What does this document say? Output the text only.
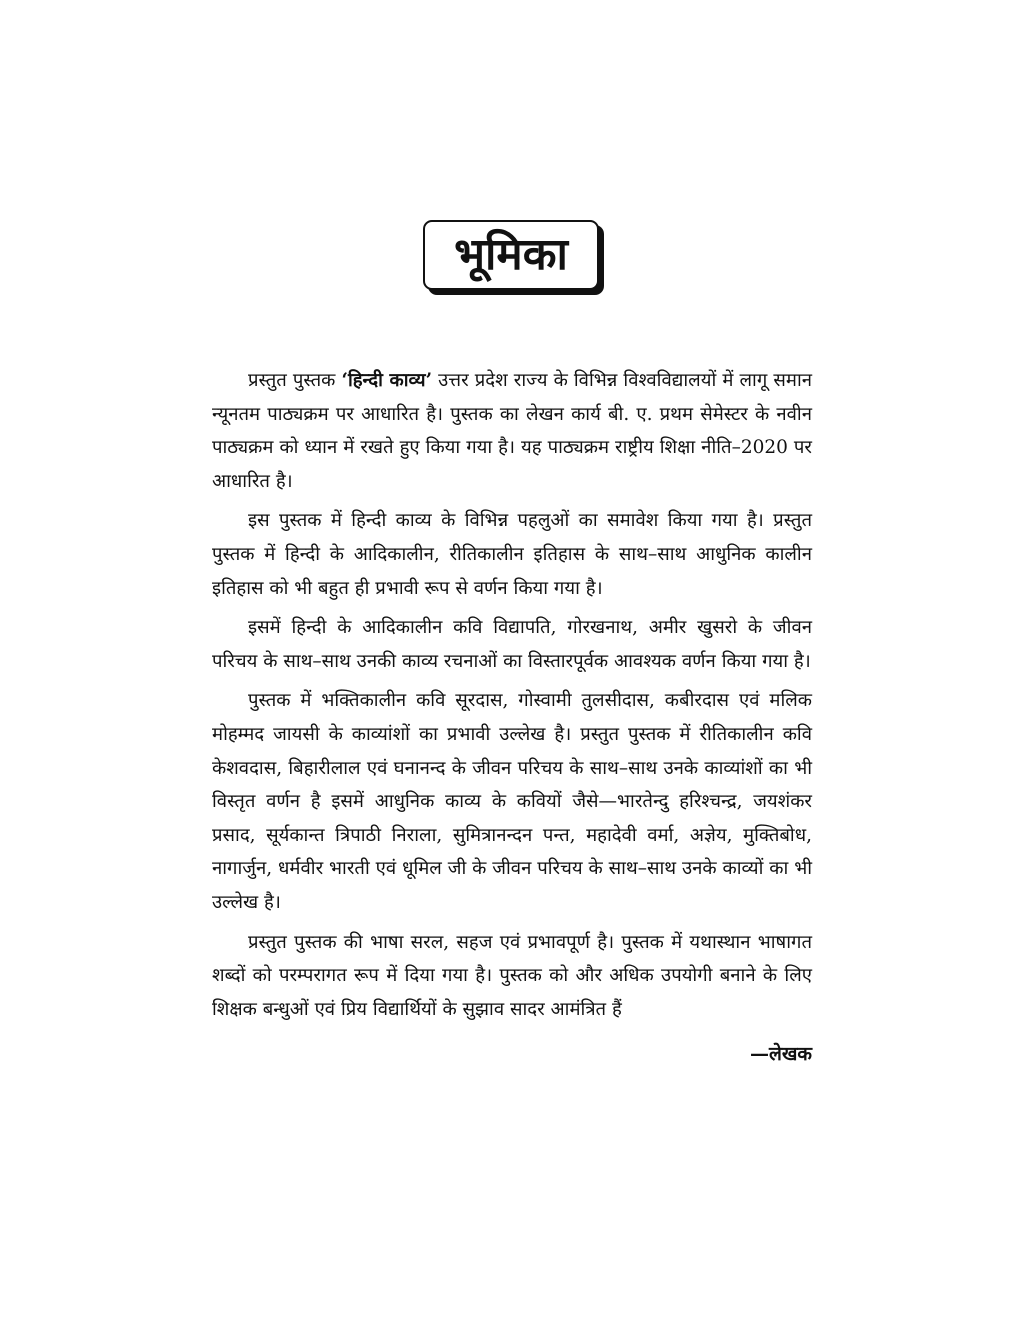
भूमिका

प्रस्तुत पुस्तक ‘हिन्दी काव्य’ उत्तर प्रदेश राज्य के विभिन्न विश्वविद्यालयों में लागू समान न्यूनतम पाठ्यक्रम पर आधारित है। पुस्तक का लेखन कार्य बी. ए. प्रथम सेमेस्टर के नवीन पाठ्यक्रम को ध्यान में रखते हुए किया गया है। यह पाठ्यक्रम राष्ट्रीय शिक्षा नीति–2020 पर आधारित है।

इस पुस्तक में हिन्दी काव्य के विभिन्न पहलुओं का समावेश किया गया है। प्रस्तुत पुस्तक में हिन्दी के आदिकालीन, रीतिकालीन इतिहास के साथ–साथ आधुनिक कालीन इतिहास को भी बहुत ही प्रभावी रूप से वर्णन किया गया है।

इसमें हिन्दी के आदिकालीन कवि विद्यापति, गोरखनाथ, अमीर खुसरो के जीवन परिचय के साथ–साथ उनकी काव्य रचनाओं का विस्तारपूर्वक आवश्यक वर्णन किया गया है।

पुस्तक में भक्तिकालीन कवि सूरदास, गोस्वामी तुलसीदास, कबीरदास एवं मलिक मोहम्मद जायसी के काव्यांशों का प्रभावी उल्लेख है। प्रस्तुत पुस्तक में रीतिकालीन कवि केशवदास, बिहारीलाल एवं घनानन्द के जीवन परिचय के साथ–साथ उनके काव्यांशों का भी विस्तृत वर्णन है इसमें आधुनिक काव्य के कवियों जैसे—भारतेन्दु हरिश्चन्द्र, जयशंकर प्रसाद, सूर्यकान्त त्रिपाठी निराला, सुमित्रानन्दन पन्त, महादेवी वर्मा, अज्ञेय, मुक्तिबोध, नागार्जुन, धर्मवीर भारती एवं धूमिल जी के जीवन परिचय के साथ–साथ उनके काव्यों का भी उल्लेख है।

प्रस्तुत पुस्तक की भाषा सरल, सहज एवं प्रभावपूर्ण है। पुस्तक में यथास्थान भाषागत शब्दों को परम्परागत रूप में दिया गया है। पुस्तक को और अधिक उपयोगी बनाने के लिए शिक्षक बन्धुओं एवं प्रिय विद्यार्थियों के सुझाव सादर आमंत्रित हैं

—लेखक
